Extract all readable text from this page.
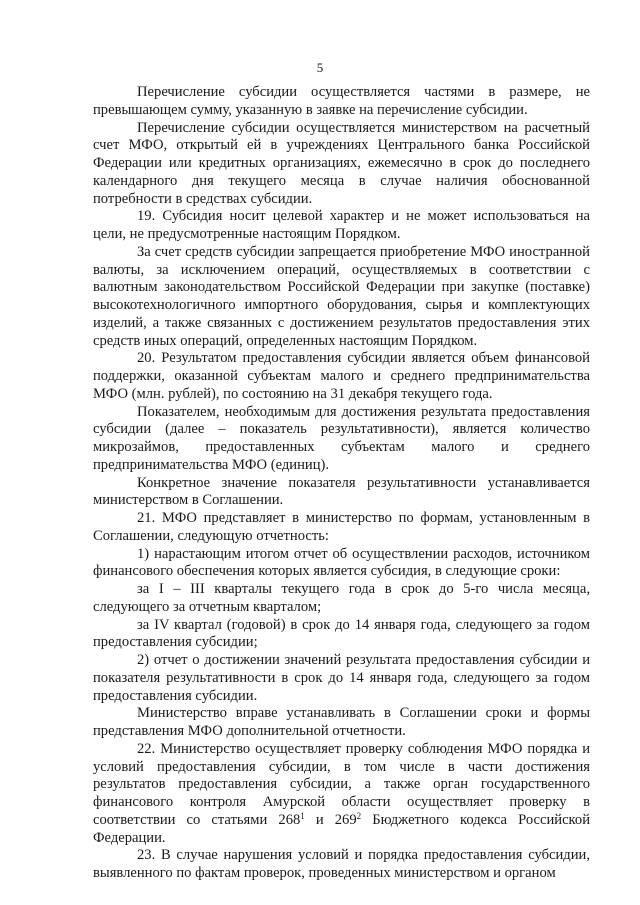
5

Перечисление субсидии осуществляется частями в размере, не превышающем сумму, указанную в заявке на перечисление субсидии.

Перечисление субсидии осуществляется министерством на расчетный счет МФО, открытый ей в учреждениях Центрального банка Российской Федерации или кредитных организациях, ежемесячно в срок до последнего календарного дня текущего месяца в случае наличия обоснованной потребности в средствах субсидии.

19. Субсидия носит целевой характер и не может использоваться на цели, не предусмотренные настоящим Порядком.

За счет средств субсидии запрещается приобретение МФО иностранной валюты, за исключением операций, осуществляемых в соответствии с валютным законодательством Российской Федерации при закупке (поставке) высокотехнологичного импортного оборудования, сырья и комплектующих изделий, а также связанных с достижением результатов предоставления этих средств иных операций, определенных настоящим Порядком.

20. Результатом предоставления субсидии является объем финансовой поддержки, оказанной субъектам малого и среднего предпринимательства МФО (млн. рублей), по состоянию на 31 декабря текущего года.

Показателем, необходимым для достижения результата предоставления субсидии (далее – показатель результативности), является количество микрозаймов, предоставленных субъектам малого и среднего предпринимательства МФО (единиц).

Конкретное значение показателя результативности устанавливается министерством в Соглашении.

21. МФО представляет в министерство по формам, установленным в Соглашении, следующую отчетность:

1) нарастающим итогом отчет об осуществлении расходов, источником финансового обеспечения которых является субсидия, в следующие сроки:

за I – III кварталы текущего года в срок до 5-го числа месяца, следующего за отчетным кварталом;

за IV квартал (годовой) в срок до 14 января года, следующего за годом предоставления субсидии;

2) отчет о достижении значений результата предоставления субсидии и показателя результативности в срок до 14 января года, следующего за годом предоставления субсидии.

Министерство вправе устанавливать в Соглашении сроки и формы представления МФО дополнительной отчетности.

22. Министерство осуществляет проверку соблюдения МФО порядка и условий предоставления субсидии, в том числе в части достижения результатов предоставления субсидии, а также орган государственного финансового контроля Амурской области осуществляет проверку в соответствии со статьями $268^1$ и $269^2$ Бюджетного кодекса Российской Федерации.

23. В случае нарушения условий и порядка предоставления субсидии, выявленного по фактам проверок, проведенных министерством и органом
